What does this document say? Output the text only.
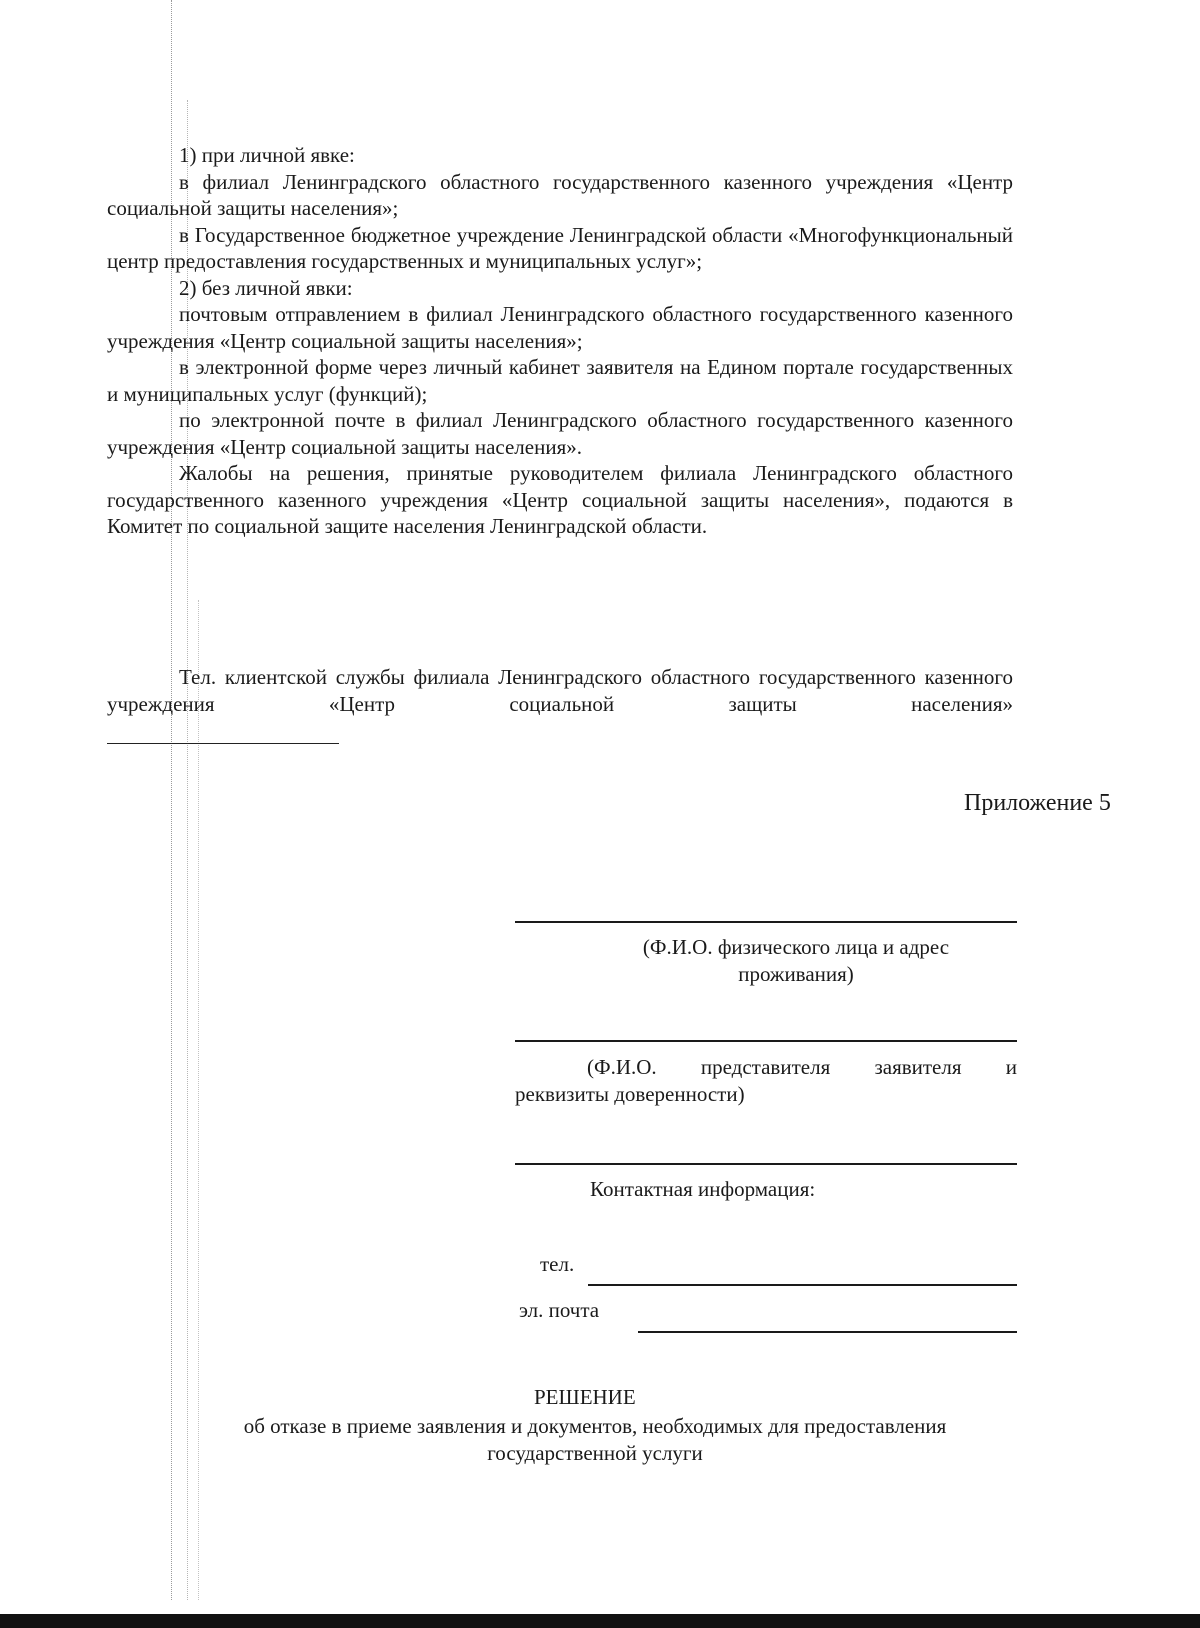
1) при личной явке:

в филиал Ленинградского областного государственного казенного учреждения «Центр социальной защиты населения»;

в Государственное бюджетное учреждение Ленинградской области «Многофункциональный центр предоставления государственных и муниципальных услуг»;

2) без личной явки:

почтовым отправлением в филиал Ленинградского областного государственного казенного учреждения «Центр социальной защиты населения»;

в электронной форме через личный кабинет заявителя на Едином портале государственных и муниципальных услуг (функций);

по электронной почте в филиал Ленинградского областного государственного казенного учреждения «Центр социальной защиты населения».

Жалобы на решения, принятые руководителем филиала Ленинградского областного государственного казенного учреждения «Центр социальной защиты населения», подаются в Комитет по социальной защите населения Ленинградской области.

Тел. клиентской службы филиала Ленинградского областного государственного казенного учреждения «Центр социальной защиты населения»

Приложение 5
(Ф.И.О. физического лица и адрес
проживания)
(Ф.И.О. представителя заявителя и
реквизиты доверенности)
Контактная информация:
тел.
эл. почта
РЕШЕНИЕ
об отказе в приеме заявления и документов, необходимых для предоставления
государственной услуги
